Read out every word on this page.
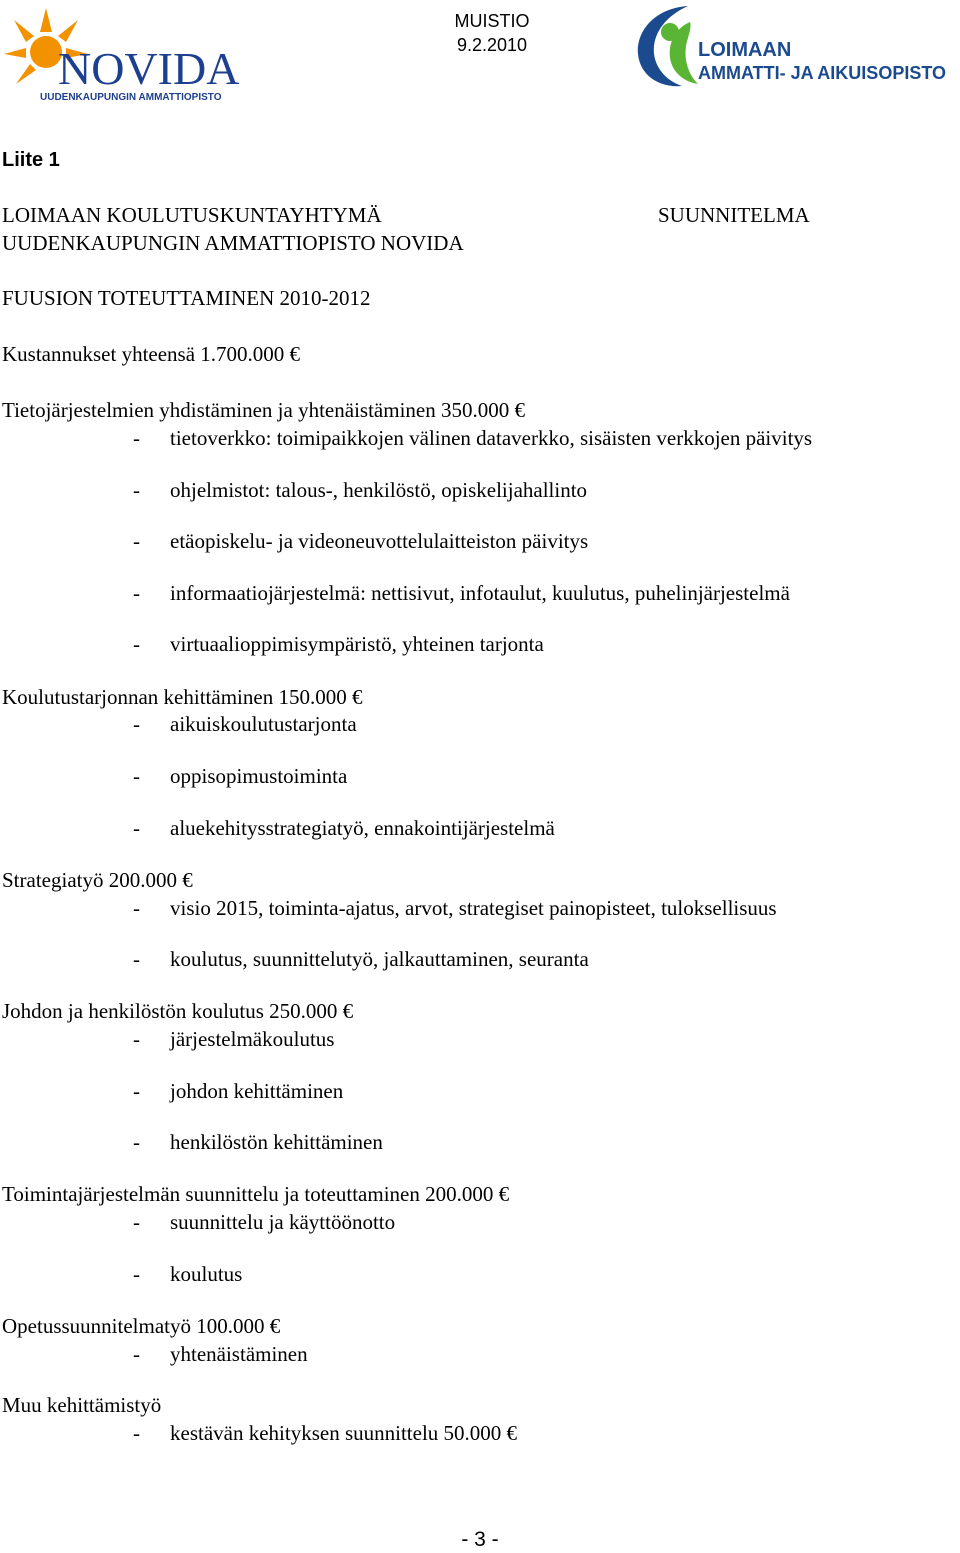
NOVIDA
UUDENKAUPUNGIN AMMATTIOPISTO
MUISTIO
9.2.2010	LOIMAAN
AMMATTI- JA AIKUISOPISTO
Liite 1
LOIMAAN KOULUTUSKUNTAYHTYMÄ
UUDENKAUPUNGIN AMMATTIOPISTO NOVIDA
SUUNNITELMA
FUUSION TOTEUTTAMINEN 2010-2012
Kustannukset yhteensä 1.700.000 €
Tietojärjestelmien yhdistäminen ja yhtenäistäminen 350.000 €
- tietoverkko: toimipaikkojen välinen dataverkko, sisäisten verkkojen päivitys
- ohjelmistot: talous-, henkilöstö, opiskelijahallinto
- etäopiskelu- ja videoneuvottelulaitteiston päivitys
- informaatiojärjestelmä: nettisivut, infotaulut, kuulutus, puhelinjärjestelmä
- virtuaalioppimisympäristö, yhteinen tarjonta
Koulutustarjonnan kehittäminen 150.000 €
- aikuiskoulutustarjonta
- oppisopimustoiminta
- aluekehitysstrategiatyö, ennakointijärjestelmä
Strategiatyö 200.000 €
- visio 2015, toiminta-ajatus, arvot, strategiset painopisteet, tuloksellisuus
- koulutus, suunnittelutyö, jalkauttaminen, seuranta
Johdon ja henkilöstön koulutus 250.000 €
- järjestelmäkoulutus
- johdon kehittäminen
- henkilöstön kehittäminen
Toimintajärjestelmän suunnittelu ja toteuttaminen 200.000 €
- suunnittelu ja käyttöönotto
- koulutus
Opetussuunnitelmatyö 100.000 €
- yhtenäistäminen
Muu kehittämistyö
- kestävän kehityksen suunnittelu 50.000 €
- 3 -
